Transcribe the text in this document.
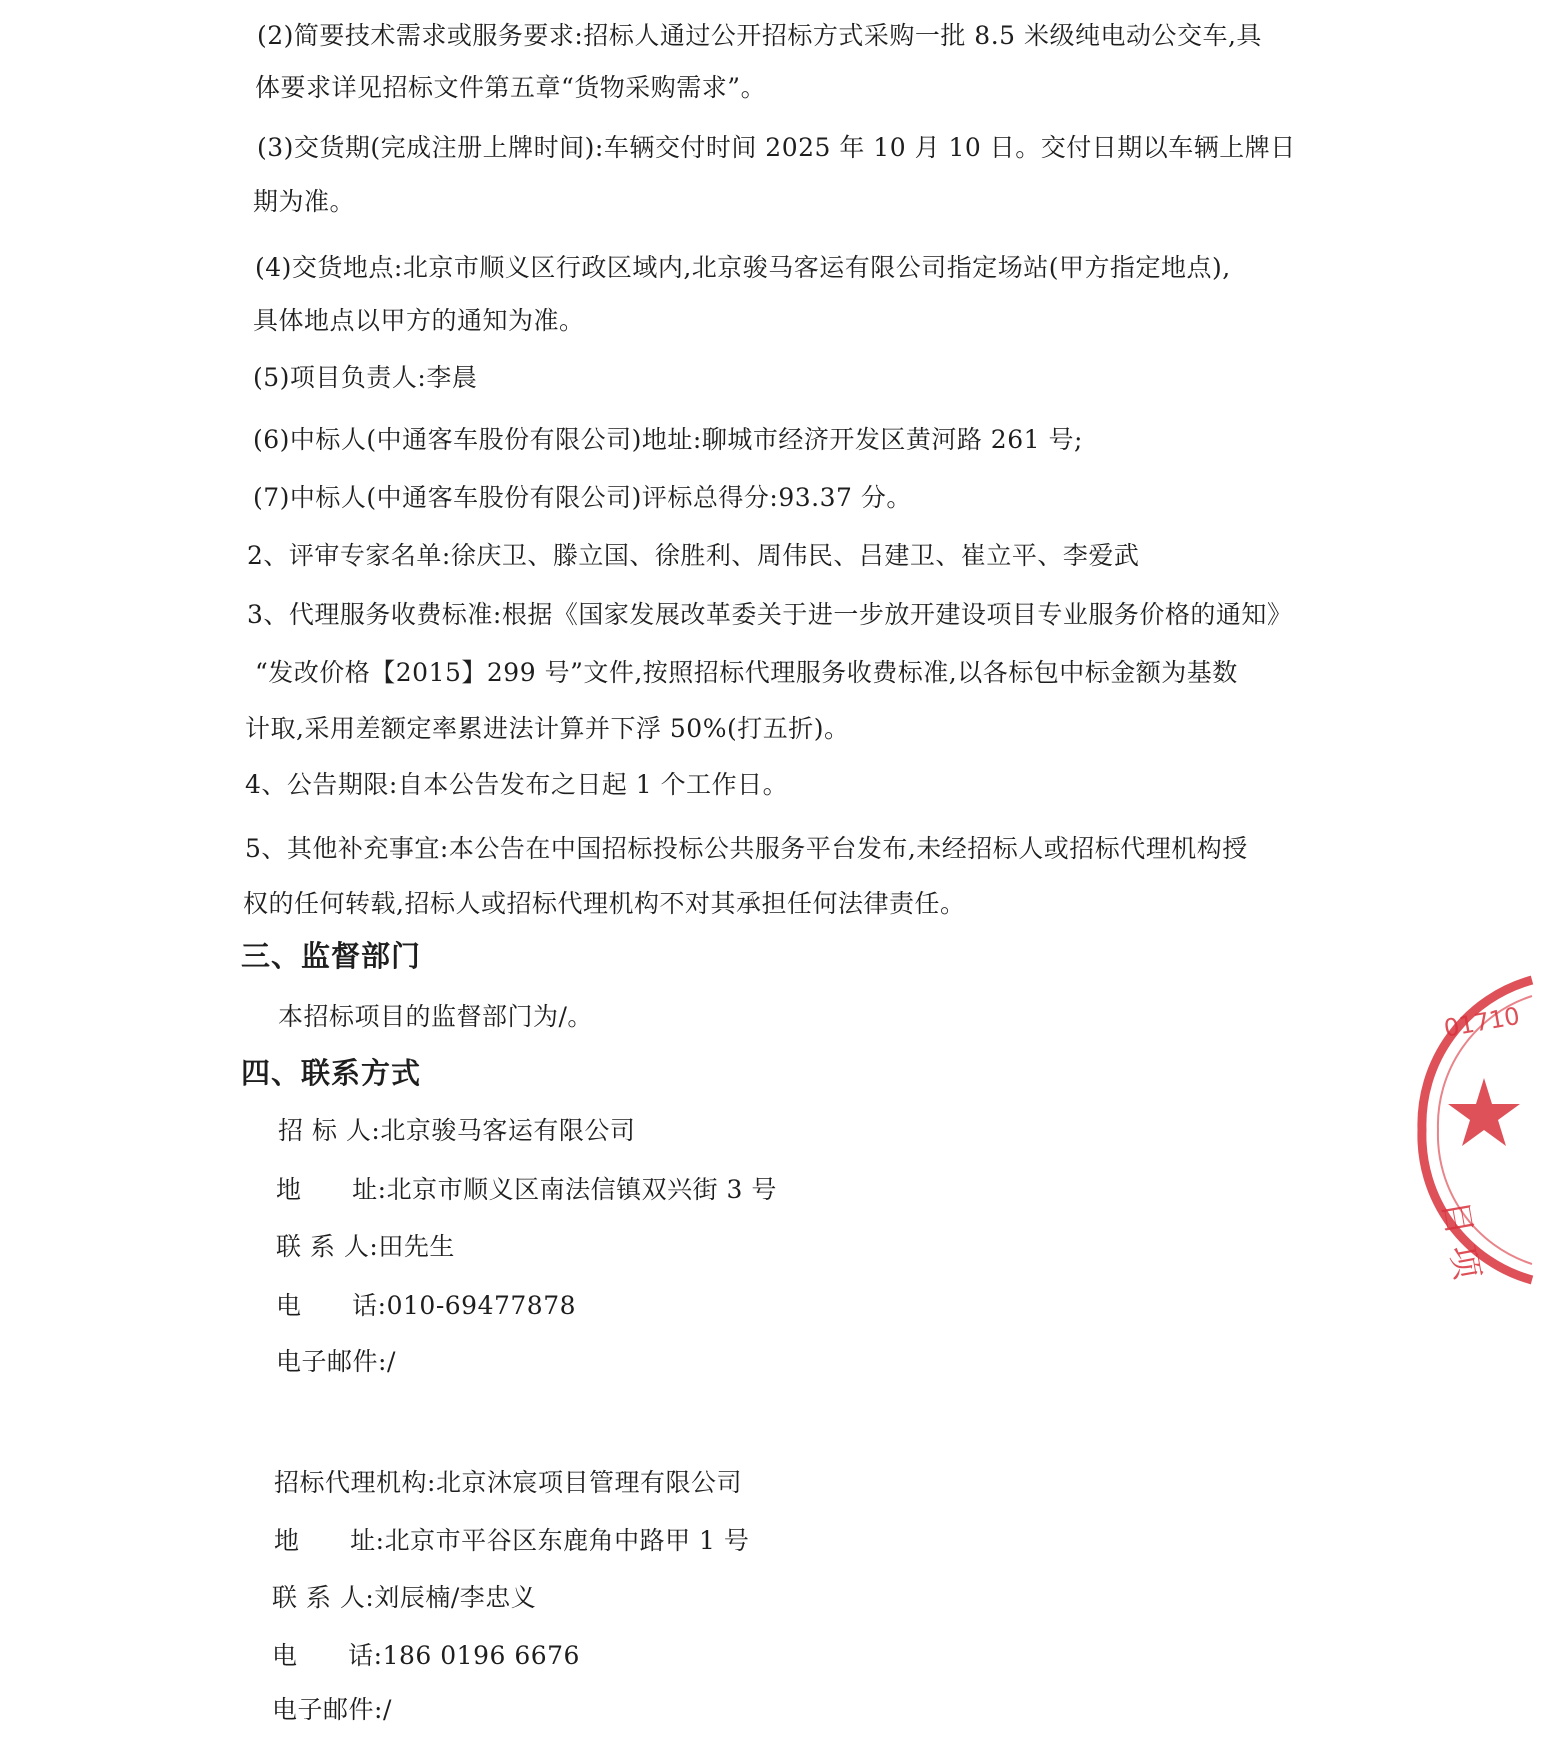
(2)简要技术需求或服务要求:招标人通过公开招标方式采购一批 8.5 米级纯电动公交车,具
体要求详见招标文件第五章“货物采购需求”。
(3)交货期(完成注册上牌时间):车辆交付时间 2025 年 10 月 10 日。交付日期以车辆上牌日
期为准。
(4)交货地点:北京市顺义区行政区域内,北京骏马客运有限公司指定场站(甲方指定地点),
具体地点以甲方的通知为准。
(5)项目负责人:李晨
(6)中标人(中通客车股份有限公司)地址:聊城市经济开发区黄河路 261 号;
(7)中标人(中通客车股份有限公司)评标总得分:93.37 分。
2、评审专家名单:徐庆卫、滕立国、徐胜利、周伟民、吕建卫、崔立平、李爱武
3、代理服务收费标准:根据《国家发展改革委关于进一步放开建设项目专业服务价格的通知》
“发改价格【2015】299 号”文件,按照招标代理服务收费标准,以各标包中标金额为基数
计取,采用差额定率累进法计算并下浮 50%(打五折)。
4、公告期限:自本公告发布之日起 1 个工作日。
5、其他补充事宜:本公告在中国招标投标公共服务平台发布,未经招标人或招标代理机构授
权的任何转载,招标人或招标代理机构不对其承担任何法律责任。
三、监督部门
本招标项目的监督部门为/。
四、联系方式
招 标 人:北京骏马客运有限公司
地      址:北京市顺义区南法信镇双兴街 3 号
联 系 人:田先生
电      话:010-69477878
电子邮件:/
招标代理机构:北京沐宸项目管理有限公司
地      址:北京市平谷区东鹿角中路甲 1 号
联 系 人:刘辰楠/李忠义
电      话:186 0196 6676
电子邮件:/
01710
目 项
